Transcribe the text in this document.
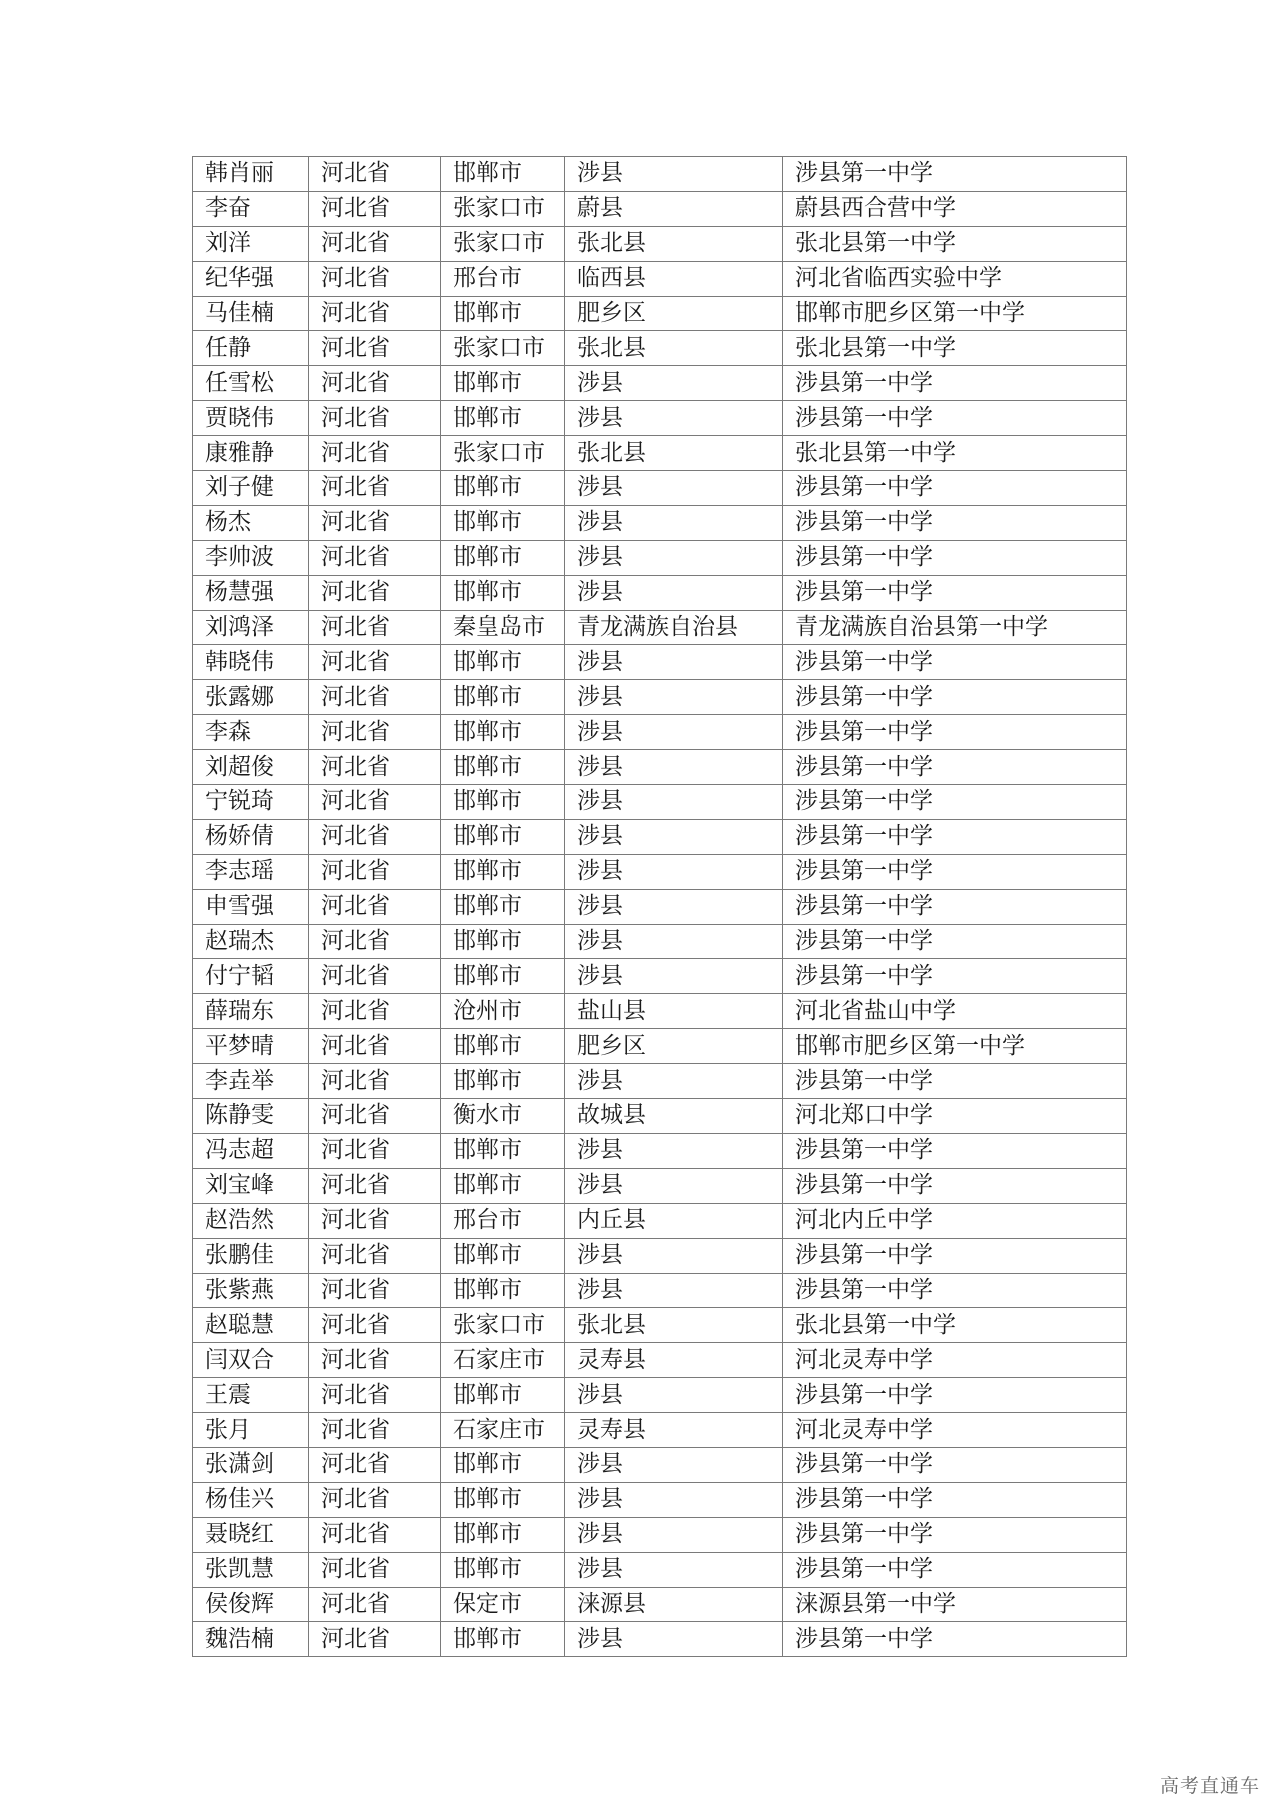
韩肖丽	河北省	邯郸市	涉县	涉县第一中学
李奋	河北省	张家口市	蔚县	蔚县西合营中学
刘洋	河北省	张家口市	张北县	张北县第一中学
纪华强	河北省	邢台市	临西县	河北省临西实验中学
马佳楠	河北省	邯郸市	肥乡区	邯郸市肥乡区第一中学
任静	河北省	张家口市	张北县	张北县第一中学
任雪松	河北省	邯郸市	涉县	涉县第一中学
贾晓伟	河北省	邯郸市	涉县	涉县第一中学
康雅静	河北省	张家口市	张北县	张北县第一中学
刘子健	河北省	邯郸市	涉县	涉县第一中学
杨杰	河北省	邯郸市	涉县	涉县第一中学
李帅波	河北省	邯郸市	涉县	涉县第一中学
杨慧强	河北省	邯郸市	涉县	涉县第一中学
刘鸿泽	河北省	秦皇岛市	青龙满族自治县	青龙满族自治县第一中学
韩晓伟	河北省	邯郸市	涉县	涉县第一中学
张露娜	河北省	邯郸市	涉县	涉县第一中学
李森	河北省	邯郸市	涉县	涉县第一中学
刘超俊	河北省	邯郸市	涉县	涉县第一中学
宁锐琦	河北省	邯郸市	涉县	涉县第一中学
杨娇倩	河北省	邯郸市	涉县	涉县第一中学
李志瑶	河北省	邯郸市	涉县	涉县第一中学
申雪强	河北省	邯郸市	涉县	涉县第一中学
赵瑞杰	河北省	邯郸市	涉县	涉县第一中学
付宁韬	河北省	邯郸市	涉县	涉县第一中学
薛瑞东	河北省	沧州市	盐山县	河北省盐山中学
平梦晴	河北省	邯郸市	肥乡区	邯郸市肥乡区第一中学
李垚举	河北省	邯郸市	涉县	涉县第一中学
陈静雯	河北省	衡水市	故城县	河北郑口中学
冯志超	河北省	邯郸市	涉县	涉县第一中学
刘宝峰	河北省	邯郸市	涉县	涉县第一中学
赵浩然	河北省	邢台市	内丘县	河北内丘中学
张鹏佳	河北省	邯郸市	涉县	涉县第一中学
张紫燕	河北省	邯郸市	涉县	涉县第一中学
赵聪慧	河北省	张家口市	张北县	张北县第一中学
闫双合	河北省	石家庄市	灵寿县	河北灵寿中学
王震	河北省	邯郸市	涉县	涉县第一中学
张月	河北省	石家庄市	灵寿县	河北灵寿中学
张潇剑	河北省	邯郸市	涉县	涉县第一中学
杨佳兴	河北省	邯郸市	涉县	涉县第一中学
聂晓红	河北省	邯郸市	涉县	涉县第一中学
张凯慧	河北省	邯郸市	涉县	涉县第一中学
侯俊辉	河北省	保定市	涞源县	涞源县第一中学
魏浩楠	河北省	邯郸市	涉县	涉县第一中学
高考直通车
